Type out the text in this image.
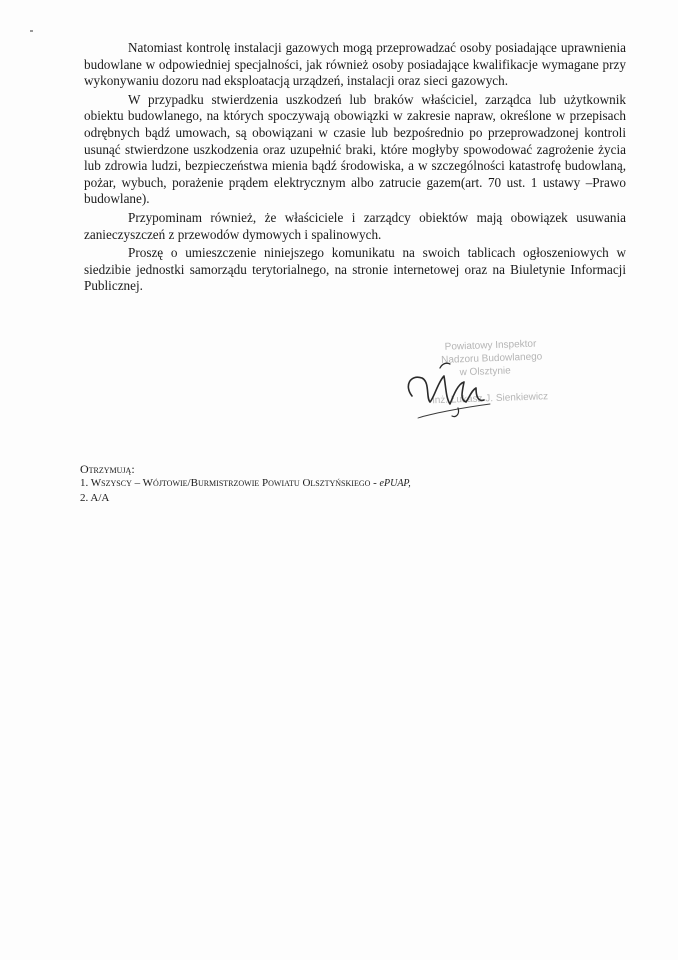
Natomiast kontrolę instalacji gazowych mogą przeprowadzać osoby posiadające uprawnienia budowlane w odpowiedniej specjalności, jak również osoby posiadające kwalifikacje wymagane przy wykonywaniu dozoru nad eksploatacją urządzeń, instalacji oraz sieci gazowych.

W przypadku stwierdzenia uszkodzeń lub braków właściciel, zarządca lub użytkownik obiektu budowlanego, na których spoczywają obowiązki w zakresie napraw, określone w przepisach odrębnych bądź umowach, są obowiązani w czasie lub bezpośrednio po przeprowadzonej kontroli usunąć stwierdzone uszkodzenia oraz uzupełnić braki, które mogłyby spowodować zagrożenie życia lub zdrowia ludzi, bezpieczeństwa mienia bądź środowiska, a w szczególności katastrofę budowlaną, pożar, wybuch, porażenie prądem elektrycznym albo zatrucie gazem(art. 70 ust. 1 ustawy –Prawo budowlane).

Przypominam również, że właściciele i zarządcy obiektów mają obowiązek usuwania zanieczyszczeń z przewodów dymowych i spalinowych.

Proszę o umieszczenie niniejszego komunikatu na swoich tablicach ogłoszeniowych w siedzibie jednostki samorządu terytorialnego, na stronie internetowej oraz na Biuletynie Informacji Publicznej.

Powiatowy Inspektor
Nadzoru Budowlanego
w Olsztynie
inż. Łukasz J. Sienkiewicz
Otrzymują:
1. Wszyscy – Wójtowie/Burmistrzowie Powiatu Olsztyńskiego - ePUAP,
2. A/A
